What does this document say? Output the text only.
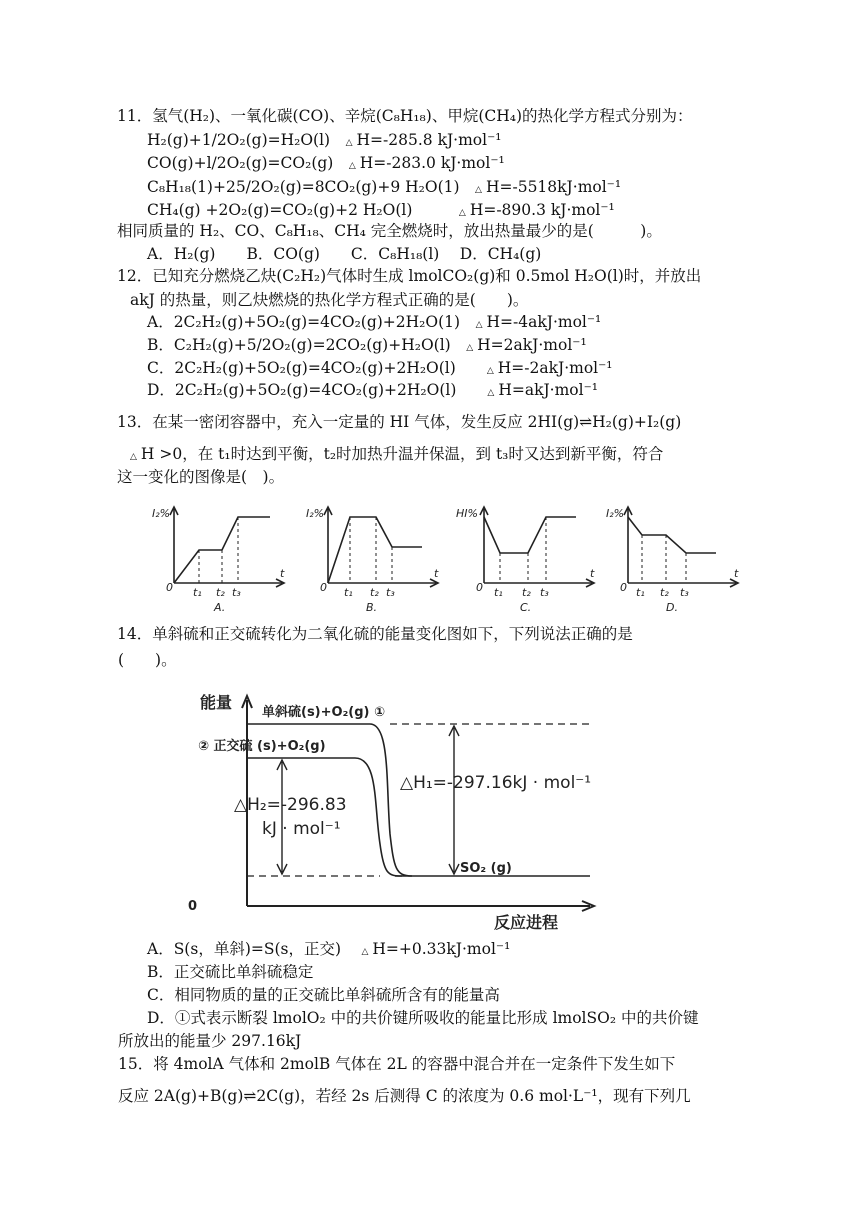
11．氢气(H₂)、一氧化碳(CO)、辛烷(C₈H₁₈)、甲烷(CH₄)的热化学方程式分别为：
H₂(g)+1/2O₂(g)=H₂O(l)　 △ H=-285.8 kJ·mol⁻¹
CO(g)+l/2O₂(g)=CO₂(g)　 △ H=-283.0 kJ·mol⁻¹
C₈H₁₈(1)+25/2O₂(g)=8CO₂(g)+9 H₂O(1)　 △ H=-5518kJ·mol⁻¹
CH₄(g) +2O₂(g)=CO₂(g)+2 H₂O(l)　　　	△ H=-890.3 kJ·mol⁻¹
相同质量的 H₂、CO、C₈H₁₈、CH₄ 完全燃烧时，放出热量最少的是(　　　)。
A．H₂(g)　　B．CO(g)　　C．C₈H₁₈(l)　 D．CH₄(g)
12．已知充分燃烧乙炔(C₂H₂)气体时生成 lmolCO₂(g)和 0.5mol H₂O(l)时，并放出
akJ 的热量，则乙炔燃烧的热化学方程式正确的是(　　)。
A．2C₂H₂(g)+5O₂(g)=4CO₂(g)+2H₂O(1)　 △ H=-4akJ·mol⁻¹
B．C₂H₂(g)+5/2O₂(g)=2CO₂(g)+H₂O(l)　 △ H=2akJ·mol⁻¹
C．2C₂H₂(g)+5O₂(g)=4CO₂(g)+2H₂O(l)　　	△ H=-2akJ·mol⁻¹
D．2C₂H₂(g)+5O₂(g)=4CO₂(g)+2H₂O(l)　　	△ H=akJ·mol⁻¹
13．在某一密闭容器中，充入一定量的 HI 气体，发生反应 2HI(g)⇌H₂(g)+I₂(g)
△ H >0，在 t₁时达到平衡，t₂时加热升温并保温，到 t₃时又达到新平衡，符合
这一变化的图像是(　)。
I₂%	I₂%	HI%	I₂%
0	0	0	0
t	t	t	t
t₁ t₂ t₃	t₁ t₂ t₃	t₁ t₂ t₃	t₁ t₂ t₃
A.	B.	C.	D.
14．单斜硫和正交硫转化为二氧化硫的能量变化图如下，下列说法正确的是
(　　)。
能量
单斜硫(s)+O₂(g) ①
② 正交硫 (s)+O₂(g)
SO₂ (g)
0
反应进程
△H₁=-297.16kJ · mol⁻¹
△H₂=-296.83
kJ · mol⁻¹
A．S(s，单斜)=S(s，正交)　 △ H=+0.33kJ·mol⁻¹
B．正交硫比单斜硫稳定
C．相同物质的量的正交硫比单斜硫所含有的能量高
D．①式表示断裂 lmolO₂ 中的共价键所吸收的能量比形成 lmolSO₂ 中的共价键
所放出的能量少 297.16kJ
15．将 4molA 气体和 2molB 气体在 2L 的容器中混合并在一定条件下发生如下
反应 2A(g)+B(g)⇌2C(g)，若经 2s 后测得 C 的浓度为 0.6 mol·L⁻¹，现有下列几
